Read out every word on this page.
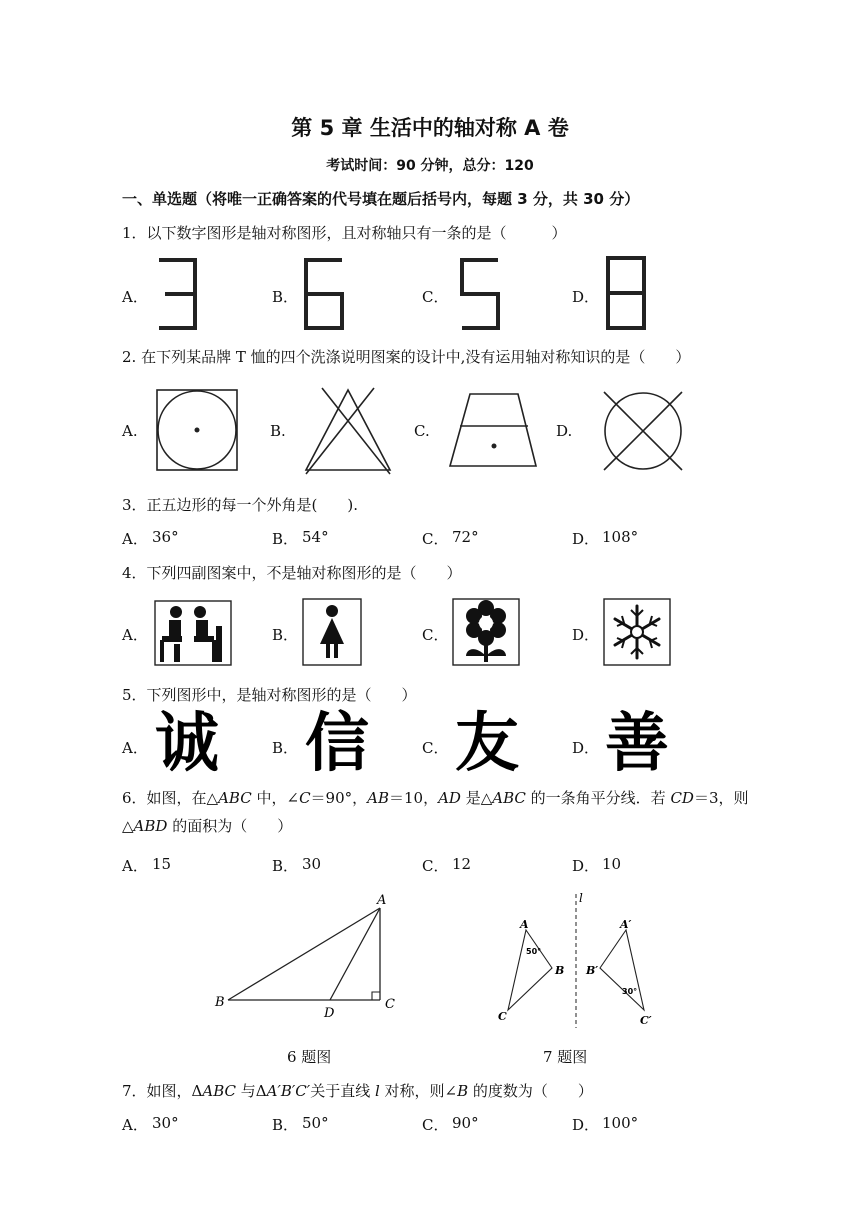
第 5 章 生活中的轴对称 A 卷
考试时间：90 分钟，总分：120
一、单选题（将唯一正确答案的代号填在题后括号内，每题 3 分，共 30 分）
1．以下数字图形是轴对称图形，且对称轴只有一条的是（　　　）
A．	B．	C．	D．
2. 在下列某品牌 T 恤的四个洗涤说明图案的设计中,没有运用轴对称知识的是（　　）
A.	B.	C.	D.
3．正五边形的每一个外角是(　　).
A． 36°	B． 54°	C． 72°	D． 108°
4．下列四副图案中，不是轴对称图形的是（　　）
A．	B．	C．	D．
5．下列图形中，是轴对称图形的是（　　）
A． 诚	B． 信	C． 友	D． 善
6．如图，在△ABC 中，∠C＝90°，AB＝10，AD 是△ABC 的一条角平分线．若 CD＝3，则△ABD 的面积为（　　）
A． 15	B． 30	C． 12	D． 10
A
B	C
D
l
A
B
C
50°
A′
B′
C′
30°
6 题图	7 题图
7．如图，ΔABC 与ΔA′B′C′关于直线 l 对称，则∠B 的度数为（　　）
A． 30°	B． 50°	C． 90°	D． 100°
